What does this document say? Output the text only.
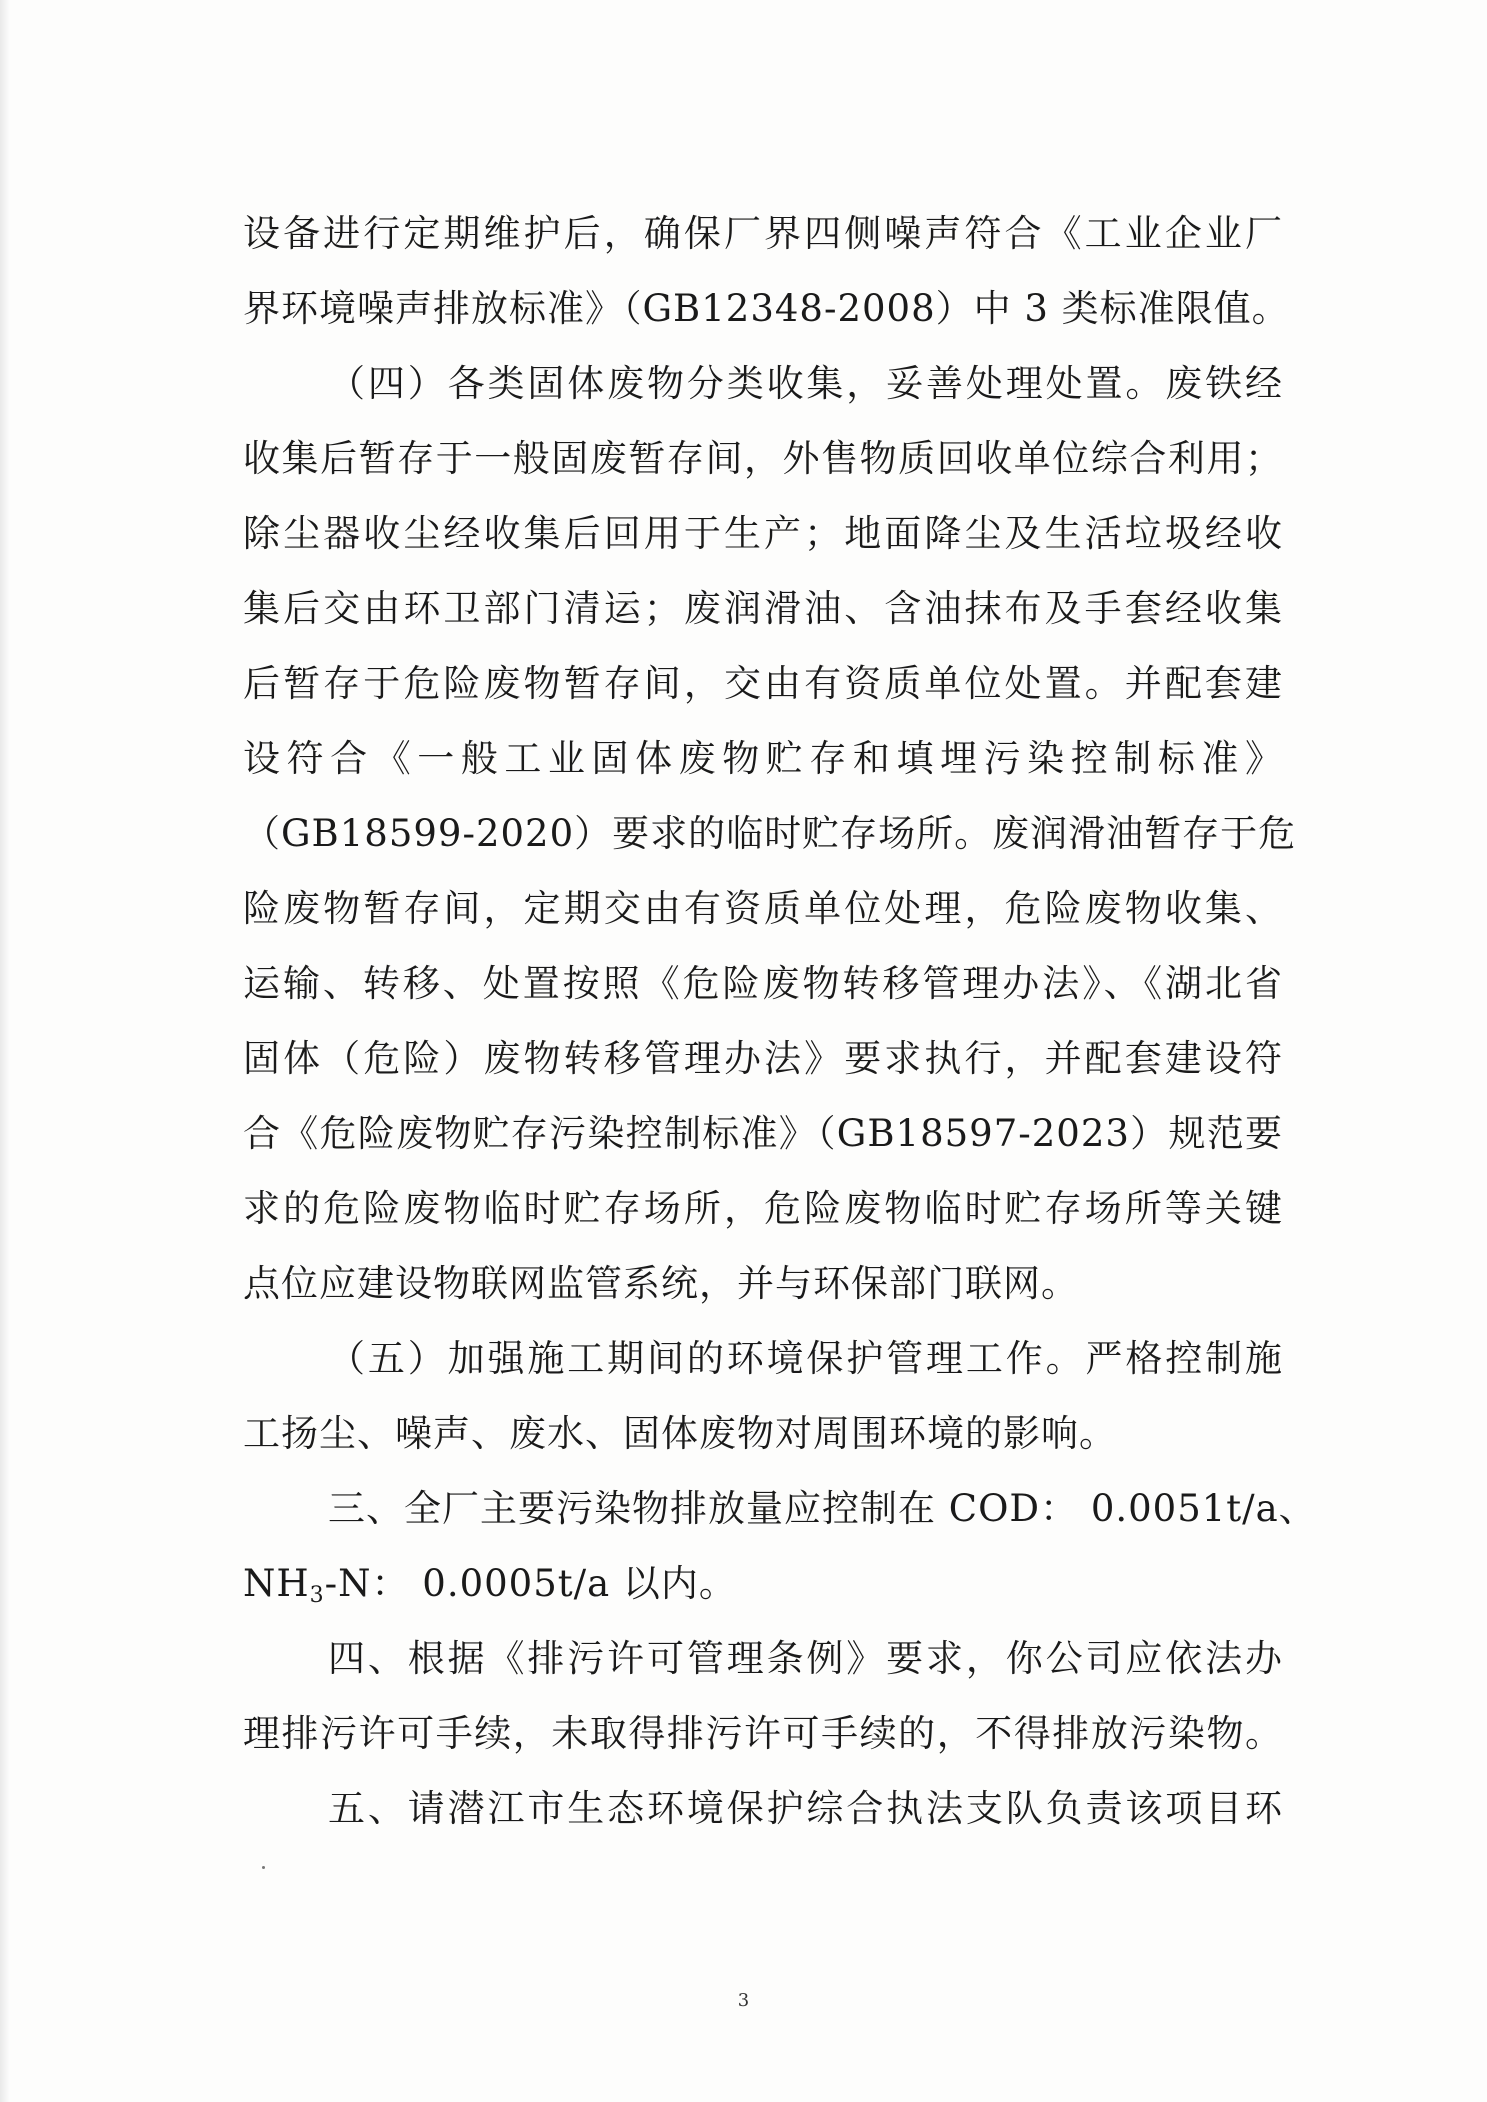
设备进行定期维护后，确保厂界四侧噪声符合《工业企业厂
界环境噪声排放标准》（GB12348-2008）中 3 类标准限值。
（四）各类固体废物分类收集，妥善处理处置。废铁经
收集后暂存于一般固废暂存间，外售物质回收单位综合利用；
除尘器收尘经收集后回用于生产；地面降尘及生活垃圾经收
集后交由环卫部门清运；废润滑油、含油抹布及手套经收集
后暂存于危险废物暂存间，交由有资质单位处置。并配套建
设符合《一般工业固体废物贮存和填埋污染控制标准》
（GB18599-2020）要求的临时贮存场所。废润滑油暂存于危
险废物暂存间，定期交由有资质单位处理，危险废物收集、
运输、转移、处置按照《危险废物转移管理办法》、《湖北省
固体（危险）废物转移管理办法》要求执行，并配套建设符
合《危险废物贮存污染控制标准》（GB18597-2023）规范要
求的危险废物临时贮存场所，危险废物临时贮存场所等关键
点位应建设物联网监管系统，并与环保部门联网。
（五）加强施工期间的环境保护管理工作。严格控制施
工扬尘、噪声、废水、固体废物对周围环境的影响。
三、全厂主要污染物排放量应控制在 COD： 0.0051t/a、
$NH_3-N$： 0.0005t/a 以内。
四、根据《排污许可管理条例》要求，你公司应依法办
理排污许可手续，未取得排污许可手续的，不得排放污染物。
五、请潜江市生态环境保护综合执法支队负责该项目环
3
